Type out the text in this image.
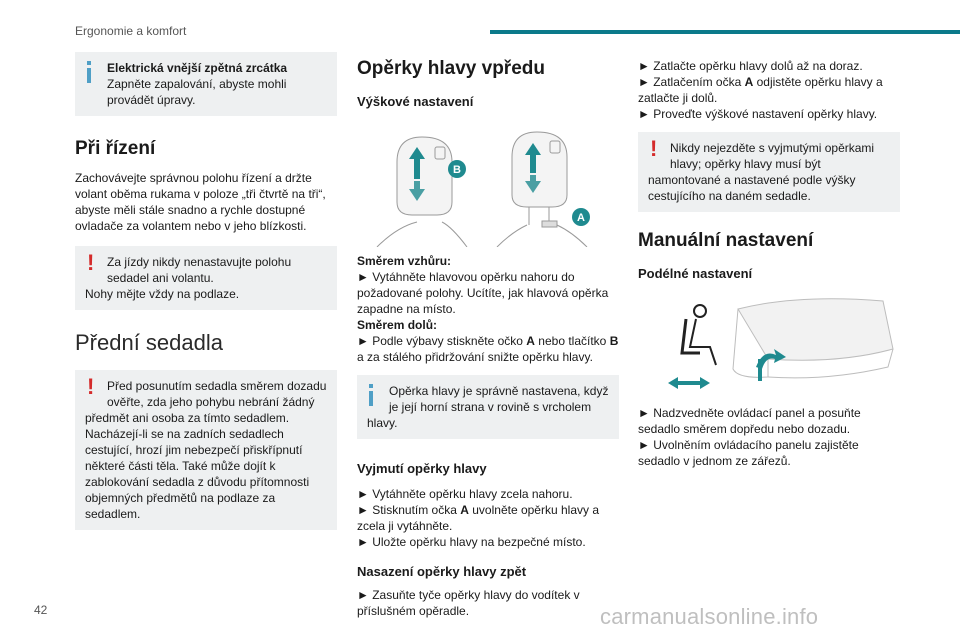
Ergonomie a komfort
Elektrická vnější zpětná zrcátka
Zapněte zapalování, abyste mohli provádět úpravy.
Při řízení
Zachovávejte správnou polohu řízení a držte volant oběma rukama v poloze „tři čtvrtě na tři“, abyste měli stále snadno a rychle dostupné ovladače za volantem nebo v jeho blízkosti.
!	Za jízdy nikdy nenastavujte polohu
sedadel ani volantu.
Nohy mějte vždy na podlaze.
Přední sedadla
!	Před posunutím sedadla směrem dozadu
ověřte, zda jeho pohybu nebrání žádný
předmět ani osoba za tímto sedadlem. Nacházejí-li se na zadních sedadlech cestující, hrozí jim nebezpečí přiskřípnutí některé části těla. Také může dojít k zablokování sedadla z důvodu přítomnosti objemných předmětů na podlaze za sedadlem.
Opěrky hlavy vpředu
Výškové nastavení
B
A
Směrem vzhůru:
► Vytáhněte hlavovou opěrku nahoru do požadované polohy. Ucítíte, jak hlavová opěrka zapadne na místo.
Směrem dolů:
► Podle výbavy stiskněte očko A nebo tlačítko B a za stálého přidržování snižte opěrku hlavy.
Opěrka hlavy je správně nastavena, když
je její horní strana v rovině s vrcholem
hlavy.
Vyjmutí opěrky hlavy
► Vytáhněte opěrku hlavy zcela nahoru.
► Stisknutím očka A uvolněte opěrku hlavy a zcela ji vytáhněte.
► Uložte opěrku hlavy na bezpečné místo.
Nasazení opěrky hlavy zpět
► Zasuňte tyče opěrky hlavy do vodítek v příslušném opěradle.
► Zatlačte opěrku hlavy dolů až na doraz.
► Zatlačením očka A odjistěte opěrku hlavy a zatlačte ji dolů.
► Proveďte výškové nastavení opěrky hlavy.
!	Nikdy nejezděte s vyjmutými opěrkami
hlavy; opěrky hlavy musí být
namontované a nastavené podle výšky cestujícího na daném sedadle.
Manuální nastavení
Podélné nastavení
► Nadzvedněte ovládací panel a posuňte sedadlo směrem dopředu nebo dozadu.
► Uvolněním ovládacího panelu zajistěte sedadlo v jednom ze zářezů.
42	carmanualsonline.info
